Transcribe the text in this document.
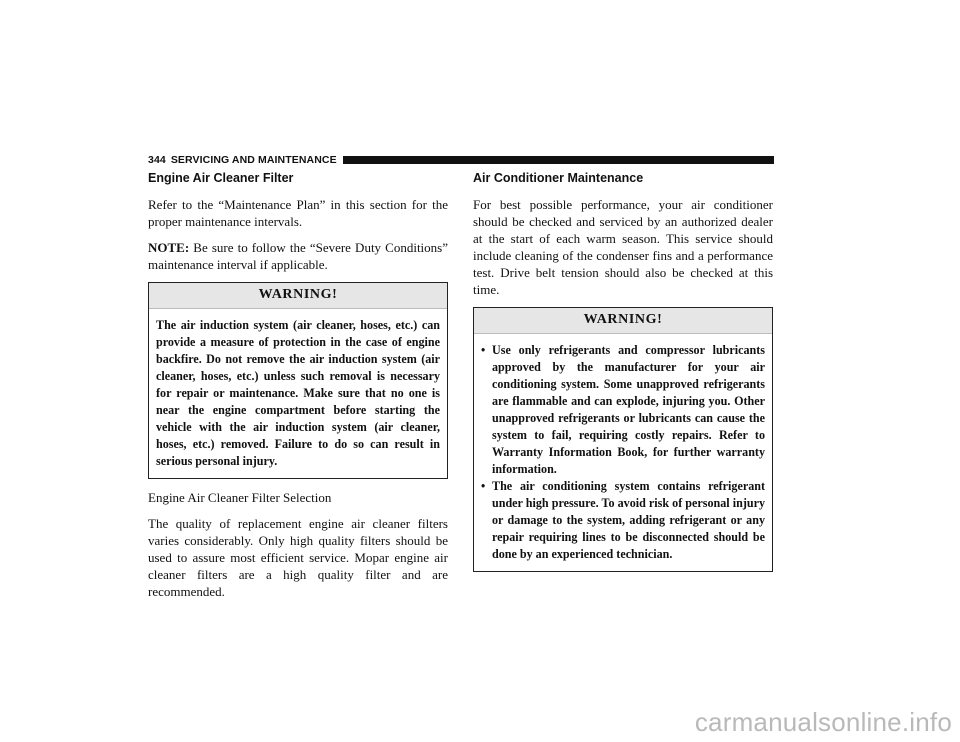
344 SERVICING AND MAINTENANCE
Engine Air Cleaner Filter

Refer to the “Maintenance Plan” in this section for the proper maintenance intervals.

NOTE: Be sure to follow the “Severe Duty Conditions” maintenance interval if applicable.

WARNING!
The air induction system (air cleaner, hoses, etc.) can provide a measure of protection in the case of engine backfire. Do not remove the air induction system (air cleaner, hoses, etc.) unless such removal is necessary for repair or maintenance. Make sure that no one is near the engine compartment before starting the vehicle with the air induction system (air cleaner, hoses, etc.) removed. Failure to do so can result in serious personal injury.

Engine Air Cleaner Filter Selection

The quality of replacement engine air cleaner filters varies considerably. Only high quality filters should be used to assure most efficient service. Mopar engine air cleaner filters are a high quality filter and are recommended.

Air Conditioner Maintenance

For best possible performance, your air conditioner should be checked and serviced by an authorized dealer at the start of each warm season. This service should include cleaning of the condenser fins and a performance test. Drive belt tension should also be checked at this time.

WARNING!
• Use only refrigerants and compressor lubricants approved by the manufacturer for your air conditioning system. Some unapproved refrigerants are flammable and can explode, injuring you. Other unapproved refrigerants or lubricants can cause the system to fail, requiring costly repairs. Refer to Warranty Information Book, for further warranty information.
• The air conditioning system contains refrigerant under high pressure. To avoid risk of personal injury or damage to the system, adding refrigerant or any repair requiring lines to be disconnected should be done by an experienced technician.
carmanualsonline.info
